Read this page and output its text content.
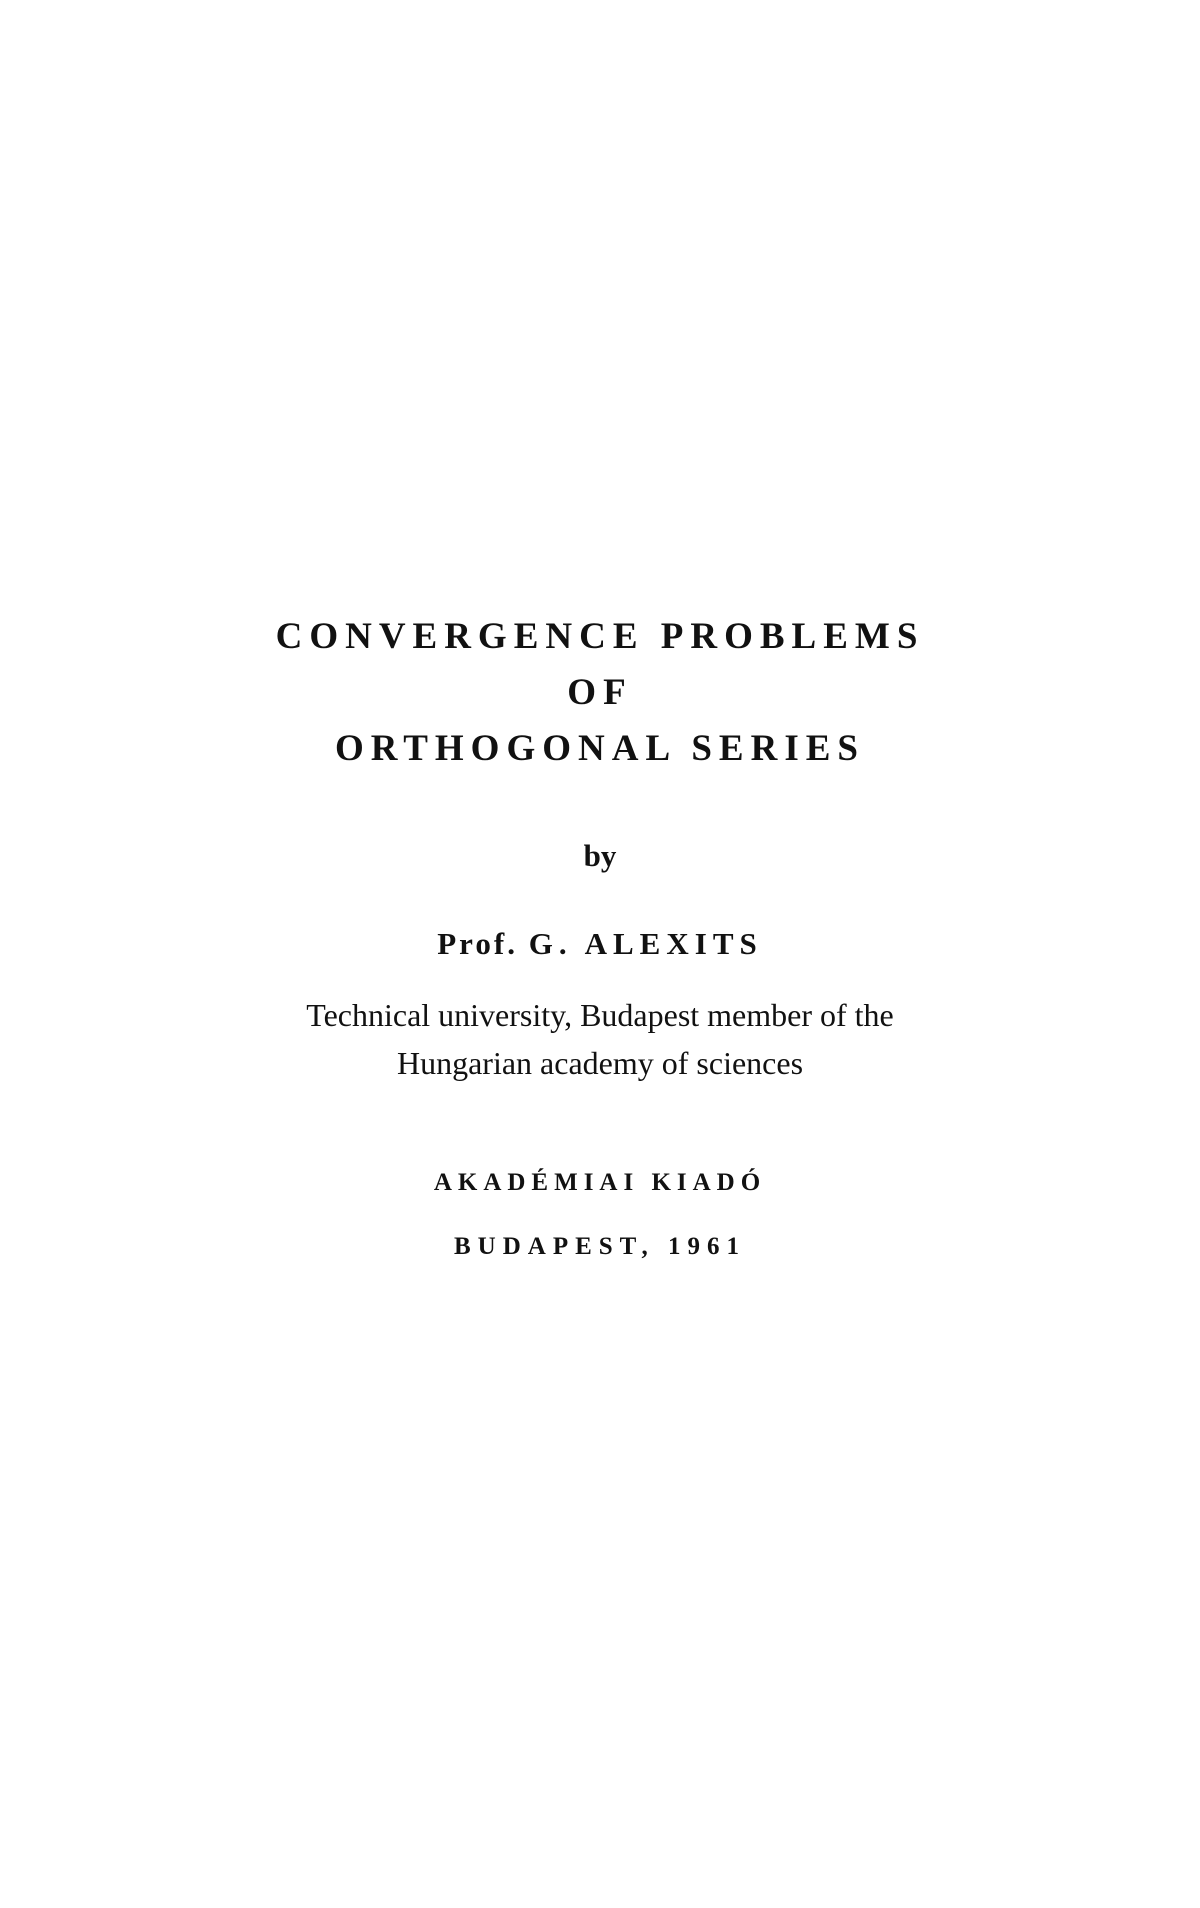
CONVERGENCE PROBLEMS
OF
ORTHOGONAL SERIES
by
Prof. G. ALEXITS
Technical university, Budapest member of the
Hungarian academy of sciences
AKADÉMIAI KIADÓ
BUDAPEST, 1961
